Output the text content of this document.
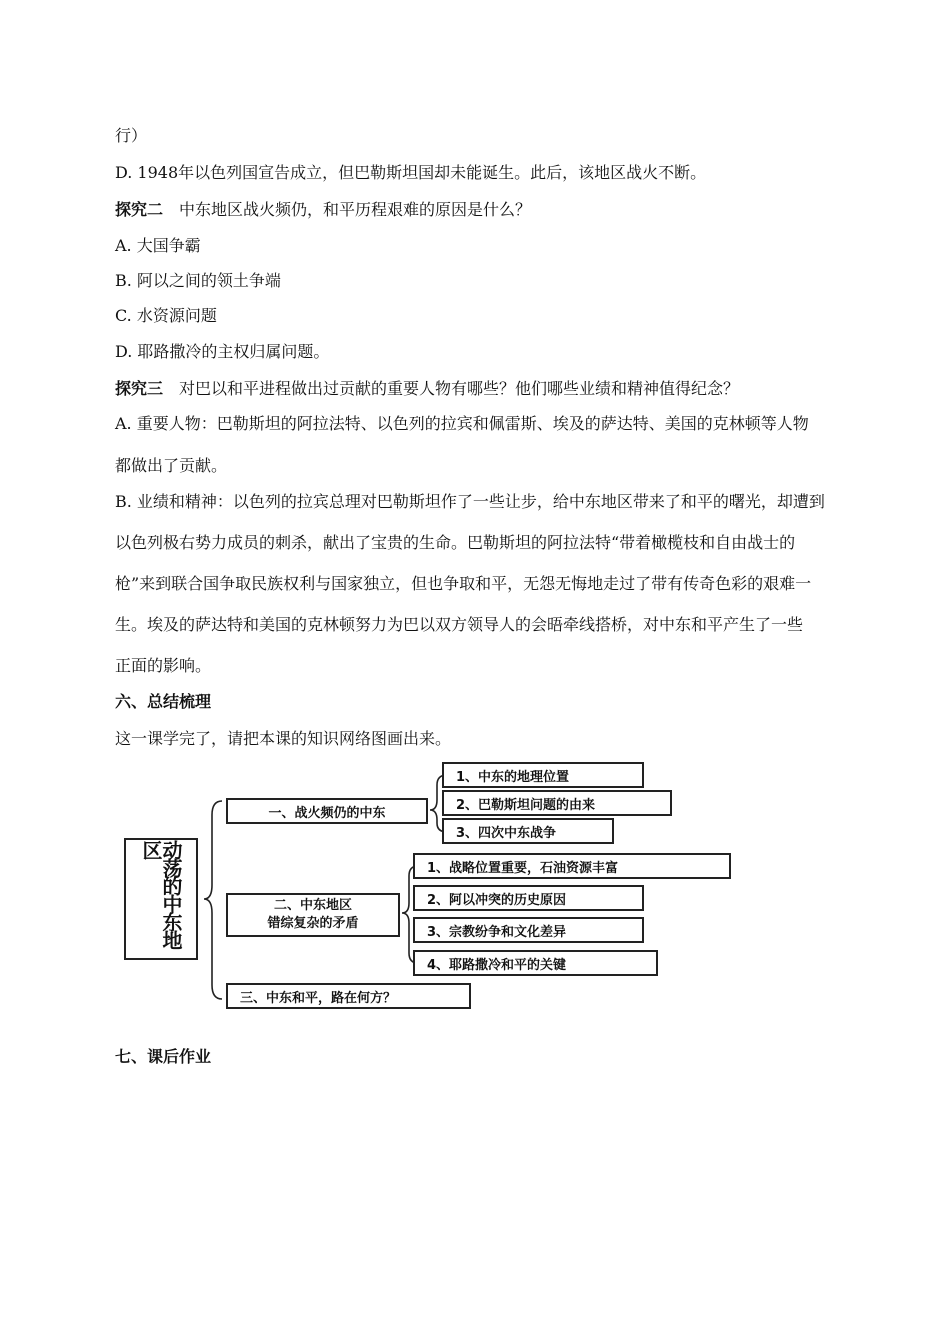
行）
D. 1948年以色列国宣告成立，但巴勒斯坦国却未能诞生。此后，该地区战火不断。
探究二 中东地区战火频仍，和平历程艰难的原因是什么？
A. 大国争霸
B. 阿以之间的领土争端
C. 水资源问题
D. 耶路撒冷的主权归属问题。
探究三 对巴以和平进程做出过贡献的重要人物有哪些？他们哪些业绩和精神值得纪念？
A. 重要人物：巴勒斯坦的阿拉法特、以色列的拉宾和佩雷斯、埃及的萨达特、美国的克林顿等人物
都做出了贡献。
B. 业绩和精神：以色列的拉宾总理对巴勒斯坦作了一些让步，给中东地区带来了和平的曙光，却遭到
以色列极右势力成员的刺杀，献出了宝贵的生命。巴勒斯坦的阿拉法特“带着橄榄枝和自由战士的
枪”来到联合国争取民族权利与国家独立，但也争取和平，无怨无悔地走过了带有传奇色彩的艰难一
生。埃及的萨达特和美国的克林顿努力为巴以双方领导人的会晤牵线搭桥，对中东和平产生了一些
正面的影响。
六、总结梳理
这一课学完了，请把本课的知识网络图画出来。
七、课后作业
动荡的中东地区
一、战火频仍的中东
1、中东的地理位置
2、巴勒斯坦问题的由来
3、四次中东战争
二、中东地区
错综复杂的矛盾
1、战略位置重要，石油资源丰富
2、阿以冲突的历史原因
3、宗教纷争和文化差异
4、耶路撒冷和平的关键
三、中东和平，路在何方？
